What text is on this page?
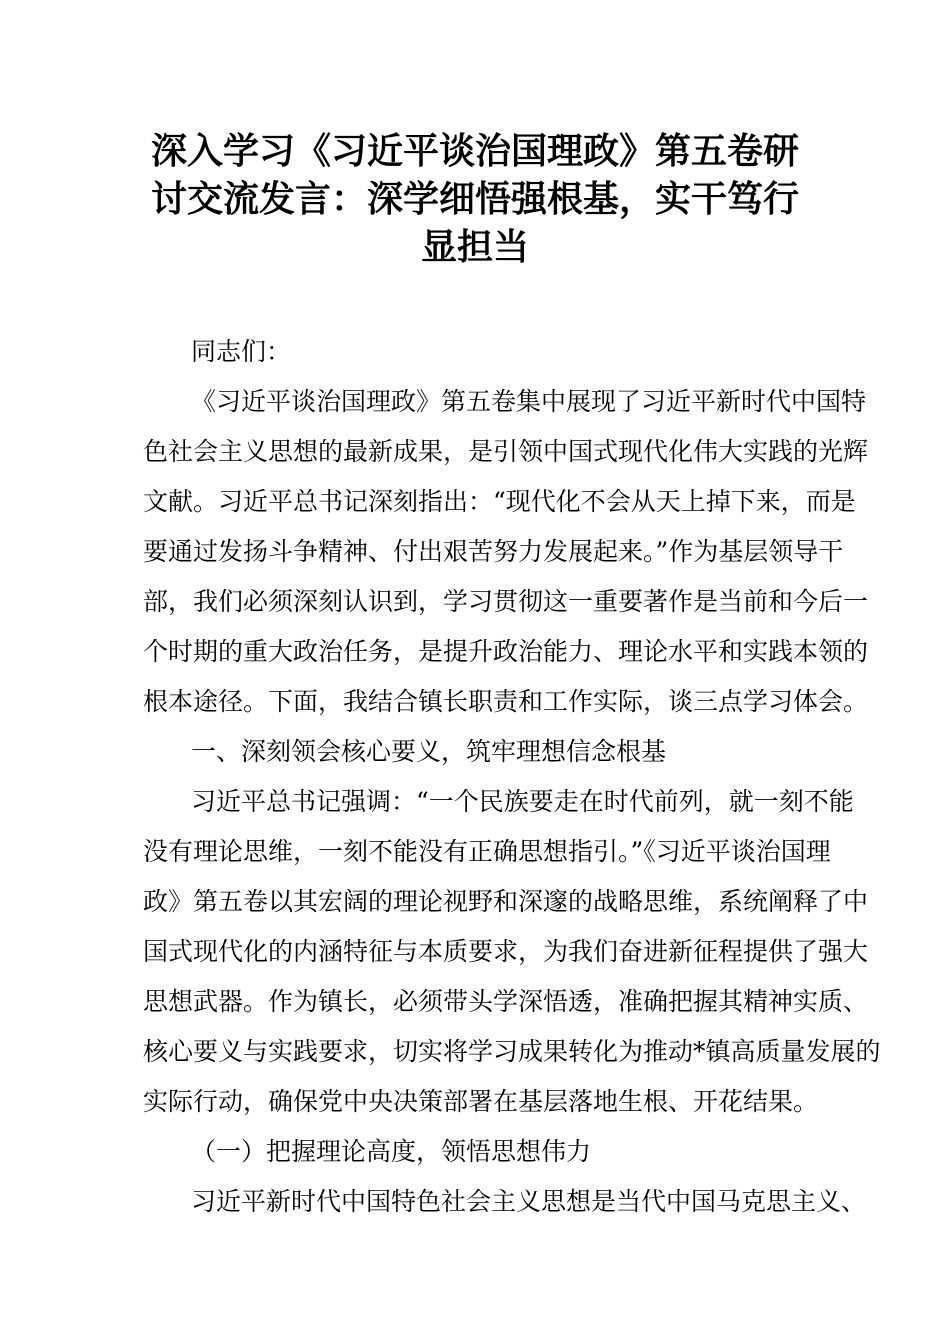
深入学习《习近平谈治国理政》第五卷研
讨交流发言：深学细悟强根基，实干笃行
显担当
同志们：
《习近平谈治国理政》第五卷集中展现了习近平新时代中国特
色社会主义思想的最新成果，是引领中国式现代化伟大实践的光辉
文献。习近平总书记深刻指出：“现代化不会从天上掉下来，而是
要通过发扬斗争精神、付出艰苦努力发展起来。”作为基层领导干
部，我们必须深刻认识到，学习贯彻这一重要著作是当前和今后一
个时期的重大政治任务，是提升政治能力、理论水平和实践本领的
根本途径。下面，我结合镇长职责和工作实际，谈三点学习体会。
一、深刻领会核心要义，筑牢理想信念根基
习近平总书记强调：“一个民族要走在时代前列，就一刻不能
没有理论思维，一刻不能没有正确思想指引。”《习近平谈治国理
政》第五卷以其宏阔的理论视野和深邃的战略思维，系统阐释了中
国式现代化的内涵特征与本质要求，为我们奋进新征程提供了强大
思想武器。作为镇长，必须带头学深悟透，准确把握其精神实质、
核心要义与实践要求，切实将学习成果转化为推动*镇高质量发展的
实际行动，确保党中央决策部署在基层落地生根、开花结果。
（一）把握理论高度，领悟思想伟力
习近平新时代中国特色社会主义思想是当代中国马克思主义、
